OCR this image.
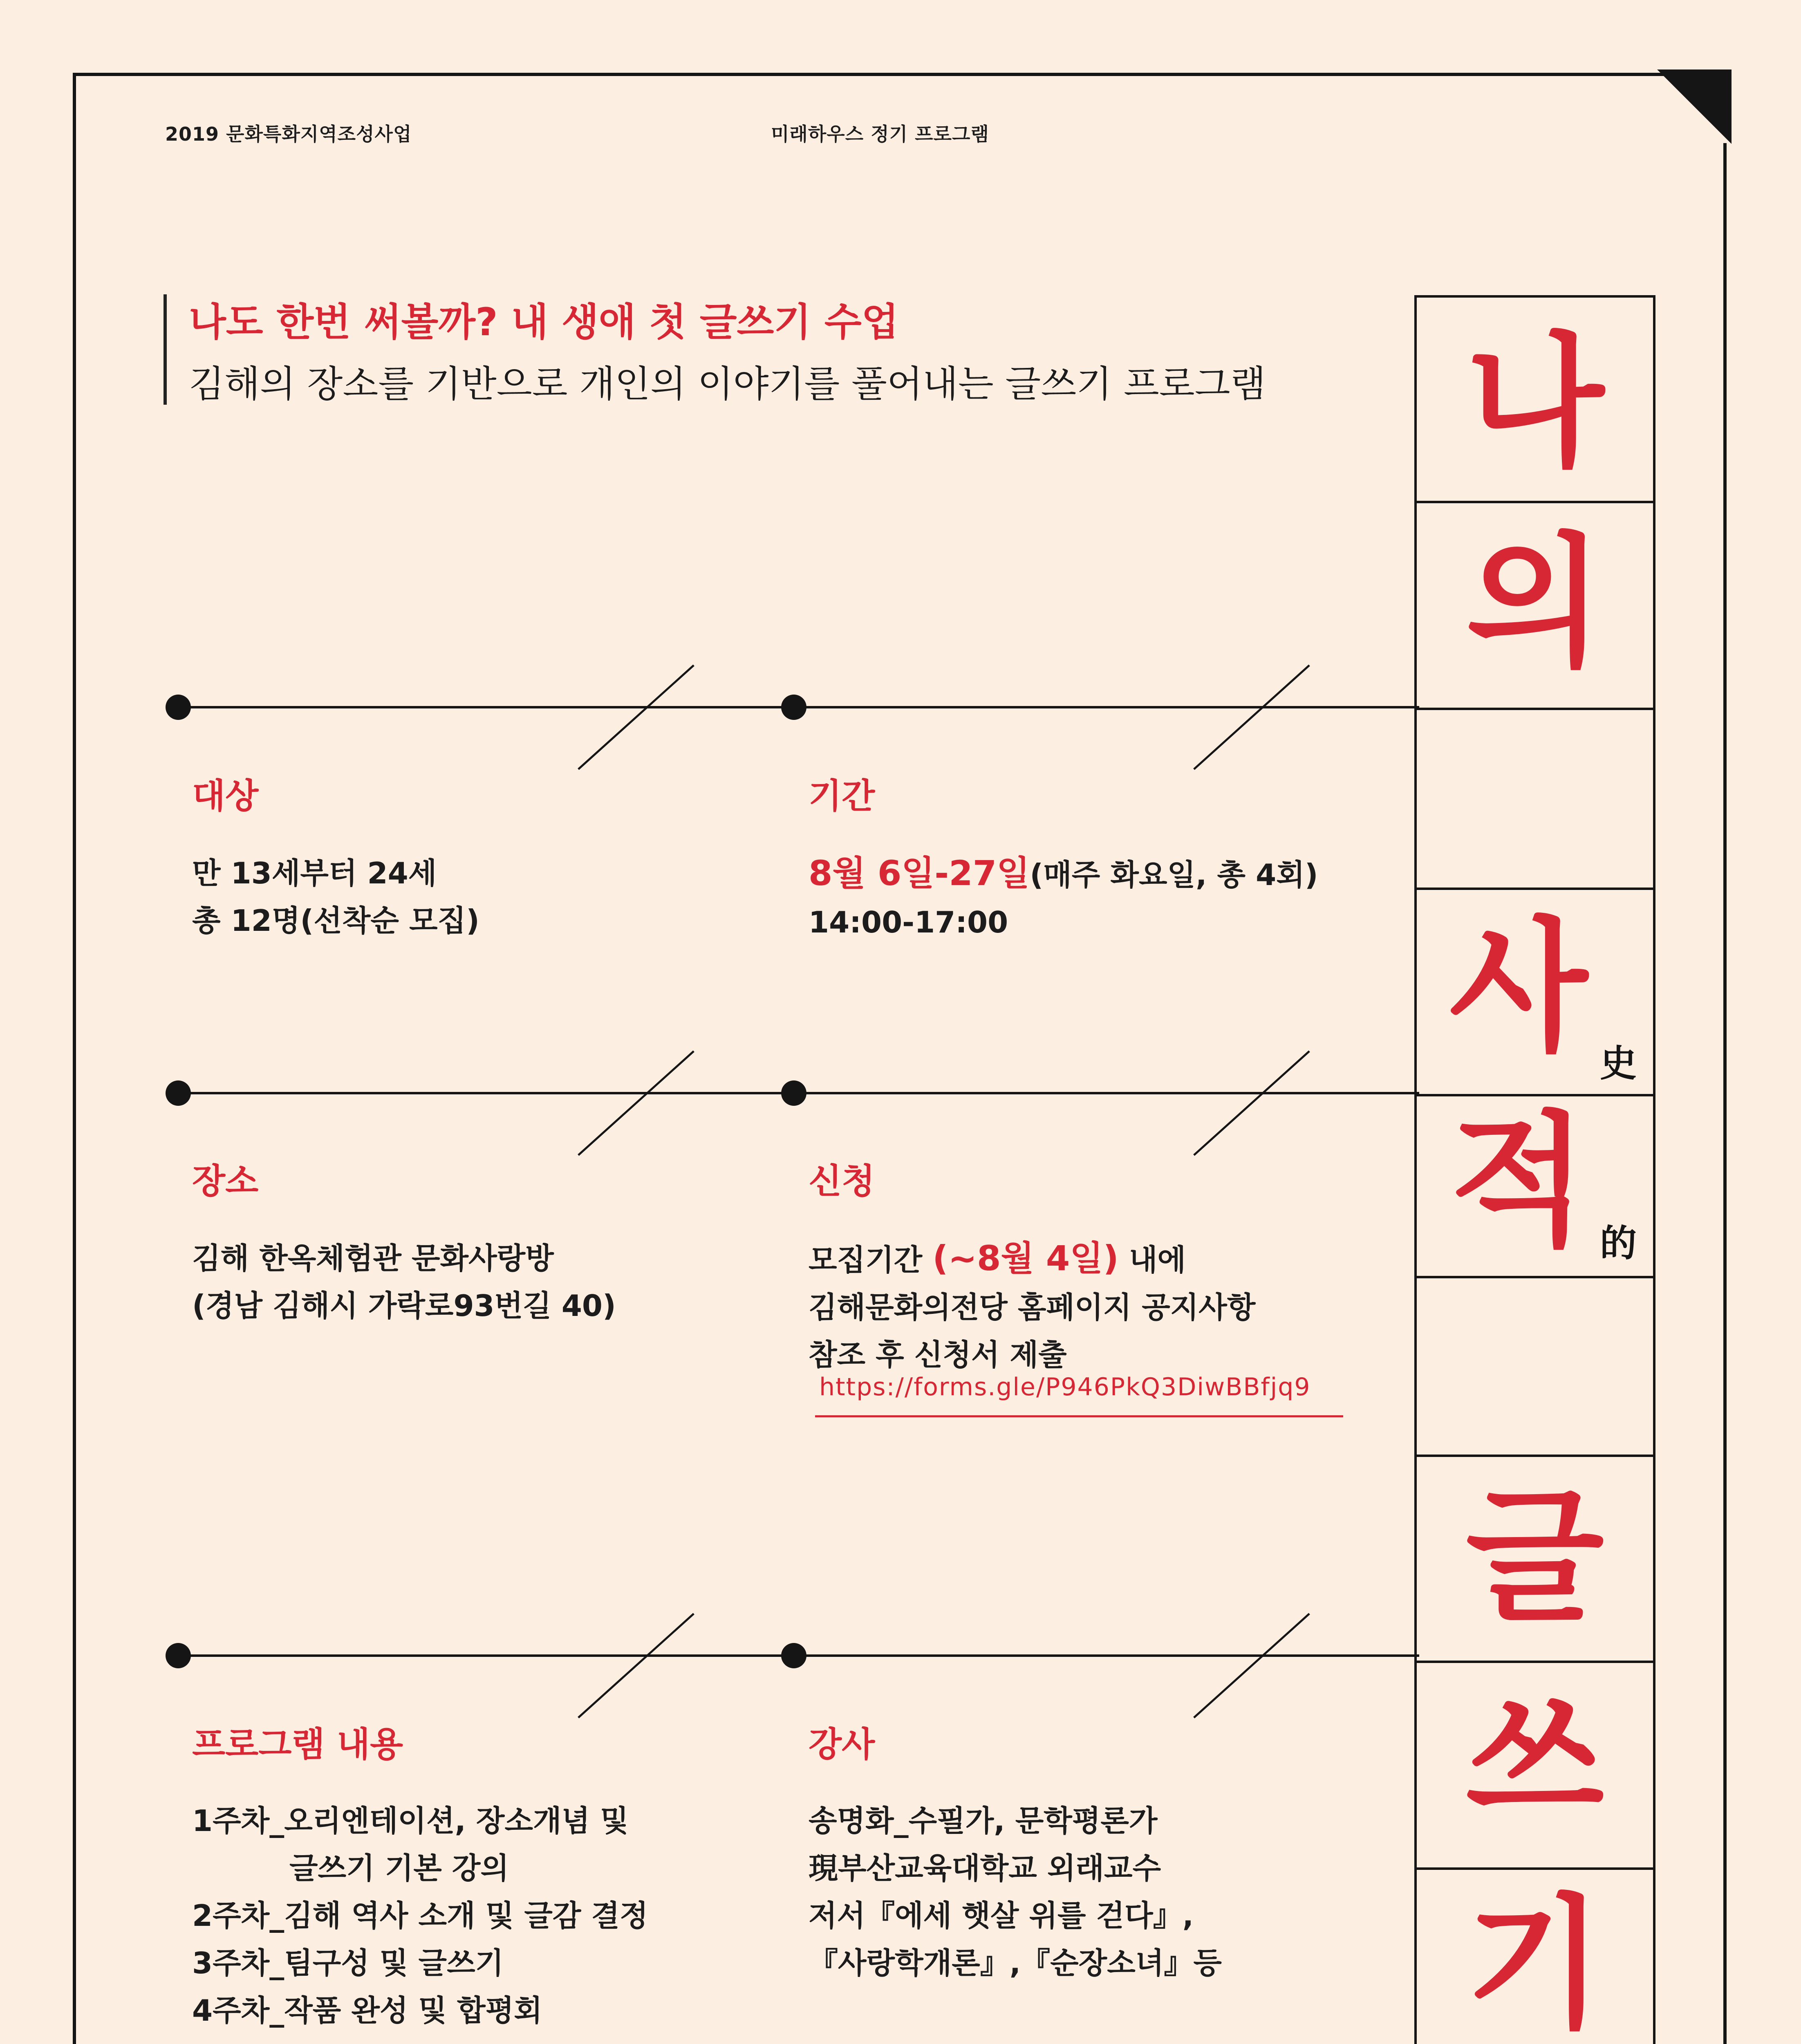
2019 문화특화지역조성사업	미래하우스 정기 프로그램
나도 한번 써볼까? 내 생애 첫 글쓰기 수업
김해의 장소를 기반으로 개인의 이야기를 풀어내는 글쓰기 프로그램
대상
만 13세부터 24세
총 12명(선착순 모집)
기간
8월 6일-27일(매주 화요일, 총 4회)
14:00-17:00
장소
김해 한옥체험관 문화사랑방
(경남 김해시 가락로93번길 40)
신청
모집기간 (~8월 4일) 내에
김해문화의전당 홈페이지 공지사항
참조 후 신청서 제출
https://forms.gle/P946PkQ3DiwBBfjq9
프로그램 내용
1주차_오리엔테이션, 장소개념 및
글쓰기 기본 강의
2주차_김해 역사 소개 및 글감 결정
3주차_팀구성 및 글쓰기
4주차_작품 완성 및 합평회
강사
송명화_수필가, 문학평론가
現부산교육대학교 외래교수
저서『에세 햇살 위를 걷다』,
『사랑학개론』,『순장소녀』등
나
의
사 史
적 的
글
쓰
기
